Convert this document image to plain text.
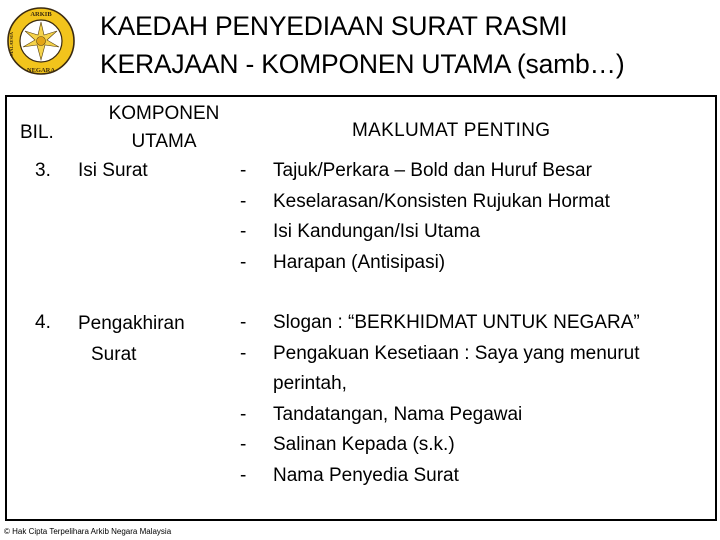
ARKIB
NEGARA
MALAYSIA
KAEDAH PENYEDIAAN SURAT RASMI
KERAJAAN - KOMPONEN UTAMA (samb…)
BIL.
KOMPONEN UTAMA
MAKLUMAT PENTING
3. Isi Surat	- Tajuk/Perkara – Bold dan Huruf Besar
- Keselarasan/Konsisten Rujukan Hormat
- Isi Kandungan/Isi Utama
- Harapan (Antisipasi)
4. Pengakhiran
Surat
- Slogan : “BERKHIDMAT UNTUK NEGARA”
- Pengakuan Kesetiaan : Saya yang menurut
perintah,
- Tandatangan, Nama Pegawai
- Salinan Kepada (s.k.)
- Nama Penyedia Surat
© Hak Cipta Terpelihara Arkib Negara Malaysia
